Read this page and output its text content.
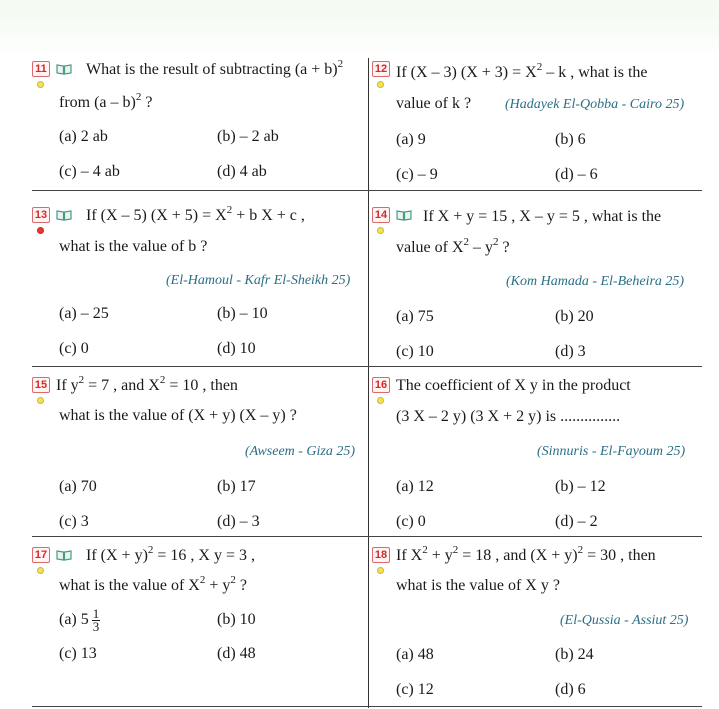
11 What is the result of subtracting $(a + b)^2$
from (a – b)$^2$ ?
(a) 2 ab	(b) – 2 ab
(c) – 4 ab	(d) 4 ab
12 If (X – 3) $(X + 3) = X^2 - k$ , what is the
value of k ? (Hadayek El-Qobba - Cairo 25)
(a) 9	(b) 6
(c) – 9	(d) – 6
13 If (X – 5) $(X + 5) = X^2 + b$ X + c ,
what is the value of b ?
(El-Hamoul - Kafr El-Sheikh 25)
(a) – 25	(b) – 10
(c) 0	(d) 10
14 If X + y = 15 , X – y = 5 , what is the
value of $X^2 - y^2$ ?
(Kom Hamada - El-Beheira 25)
(a) 75	(b) 20
(c) 10	(d) 3
15 If $y^2 = 7$ , and $X^2 = 10$ , then
what is the value of (X + y) (X – y) ?
(Awseem - Giza 25)
(a) 70	(b) 17
(c) 3	(d) – 3
16 The coefficient of X y in the product
(3 X – 2 y) (3 X + 2 y) is ...............
(Sinnuris - El-Fayoum 25)
(a) 12	(b) – 12
(c) 0	(d) – 2
17 If $(X + y)^2 = 16$ , X y = 3 ,
what is the value of $X^2 + y^2$ ?
(a) $5 \frac{1}{3}$	(b) 10
(c) 13	(d) 48
18 If $X^2 + y^2 = 18$ , and $(X + y)^2 = 30$ , then
what is the value of X y ?
(El-Qussia - Assiut 25)
(a) 48	(b) 24
(c) 12	(d) 6
